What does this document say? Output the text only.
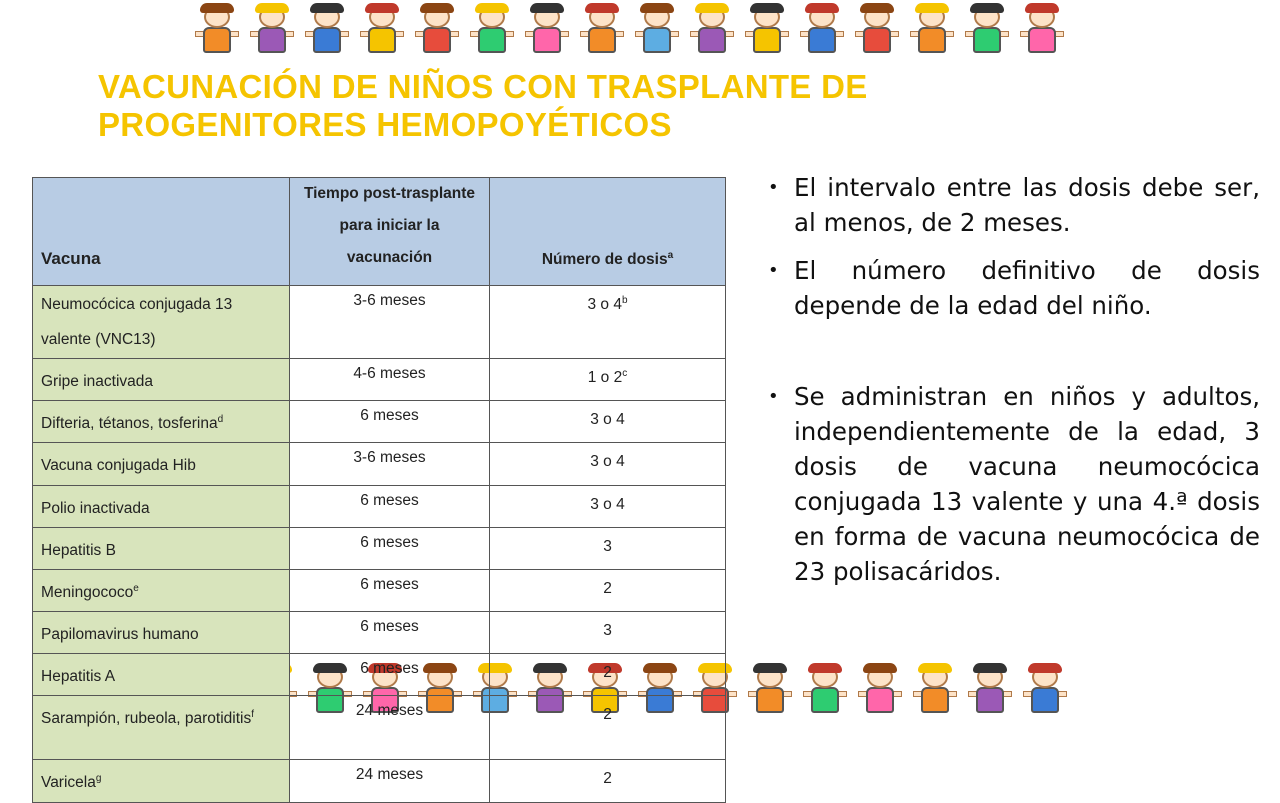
VACUNACIÓN DE NIÑOS CON TRASPLANTE DE PROGENITORES HEMOPOYÉTICOS
Vacuna	Tiempo post-trasplante para iniciar la vacunación	Número de dosis$^a$
Neumocócica conjugada 13 valente (VNC13)	3-6 meses	3 o 4$^b$
Gripe inactivada	4-6 meses	1 o 2$^c$
Difteria, tétanos, tosferina$^d$	6 meses	3 o 4
Vacuna conjugada Hib	3-6 meses	3 o 4
Polio inactivada	6 meses	3 o 4
Hepatitis B	6 meses	3
Meningococo$^e$	6 meses	2
Papilomavirus humano	6 meses	3
Hepatitis A	6 meses	2
Sarampión, rubeola, parotiditis$^f$	24 meses	2
Varicela$^g$	24 meses	2
• El intervalo entre las dosis debe ser, al menos, de 2 meses.
• El número definitivo de dosis depende de la edad del niño.
• Se administran en niños y adultos, independientemente de la edad, 3 dosis de vacuna neumocócica conjugada 13 valente y una 4.ª dosis en forma de vacuna neumocócica de 23 polisacáridos.
